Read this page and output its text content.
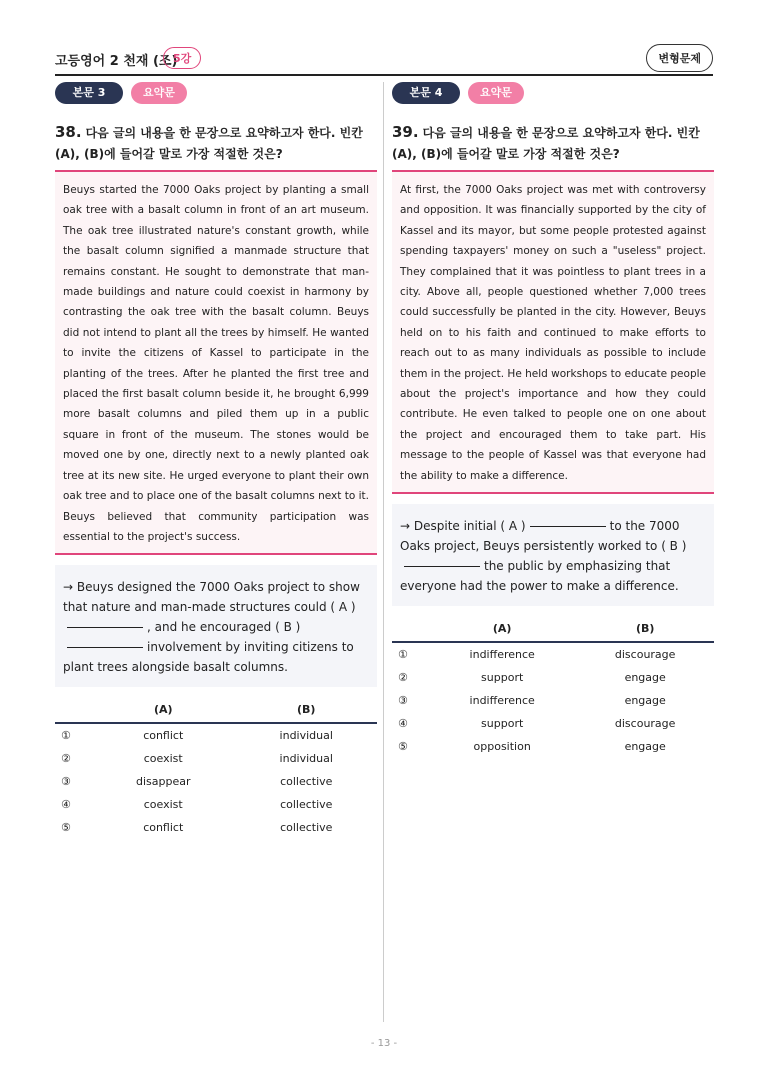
고등영어 2 천재 (조)
5강	변형문제
본문 3	요약문
38. 다음 글의 내용을 한 문장으로 요약하고자 한다. 빈칸 (A), (B)에 들어갈 말로 가장 적절한 것은?
Beuys started the 7000 Oaks project by planting a small oak tree with a basalt column in front of an art museum. The oak tree illustrated nature's constant growth, while the basalt column signified a manmade structure that remains constant. He sought to demonstrate that man-made buildings and nature could coexist in harmony by contrasting the oak tree with the basalt column. Beuys did not intend to plant all the trees by himself. He wanted to invite the citizens of Kassel to participate in the planting of the trees. After he planted the first tree and placed the first basalt column beside it, he brought 6,999 more basalt columns and piled them up in a public square in front of the museum. The stones would be moved one by one, directly next to a newly planted oak tree at its new site. He urged everyone to plant their own oak tree and to place one of the basalt columns next to it. Beuys believed that community participation was essential to the project's success.
→ Beuys designed the 7000 Oaks project to show that nature and man-made structures could ( A )
, and he encouraged ( B )
involvement by inviting citizens to plant trees alongside basalt columns.
	(A)	(B)
①	conflict	individual
②	coexist	individual
③	disappear	collective
④	coexist	collective
⑤	conflict	collective
본문 4	요약문
39. 다음 글의 내용을 한 문장으로 요약하고자 한다. 빈칸 (A), (B)에 들어갈 말로 가장 적절한 것은?
At first, the 7000 Oaks project was met with controversy and opposition. It was financially supported by the city of Kassel and its mayor, but some people protested against spending taxpayers' money on such a "useless" project. They complained that it was pointless to plant trees in a city. Above all, people questioned whether 7,000 trees could successfully be planted in the city. However, Beuys held on to his faith and continued to make efforts to reach out to as many individuals as possible to include them in the project. He held workshops to educate people about the project's importance and how they could contribute. He even talked to people one on one about the project and encouraged them to take part. His message to the people of Kassel was that everyone had the ability to make a difference.
→ Despite initial ( A )	to the 7000 Oaks project, Beuys persistently worked to ( B )
the public by emphasizing that everyone had the power to make a difference.
	(A)	(B)
①	indifference	discourage
②	support	engage
③	indifference	engage
④	support	discourage
⑤	opposition	engage
- 13 -
